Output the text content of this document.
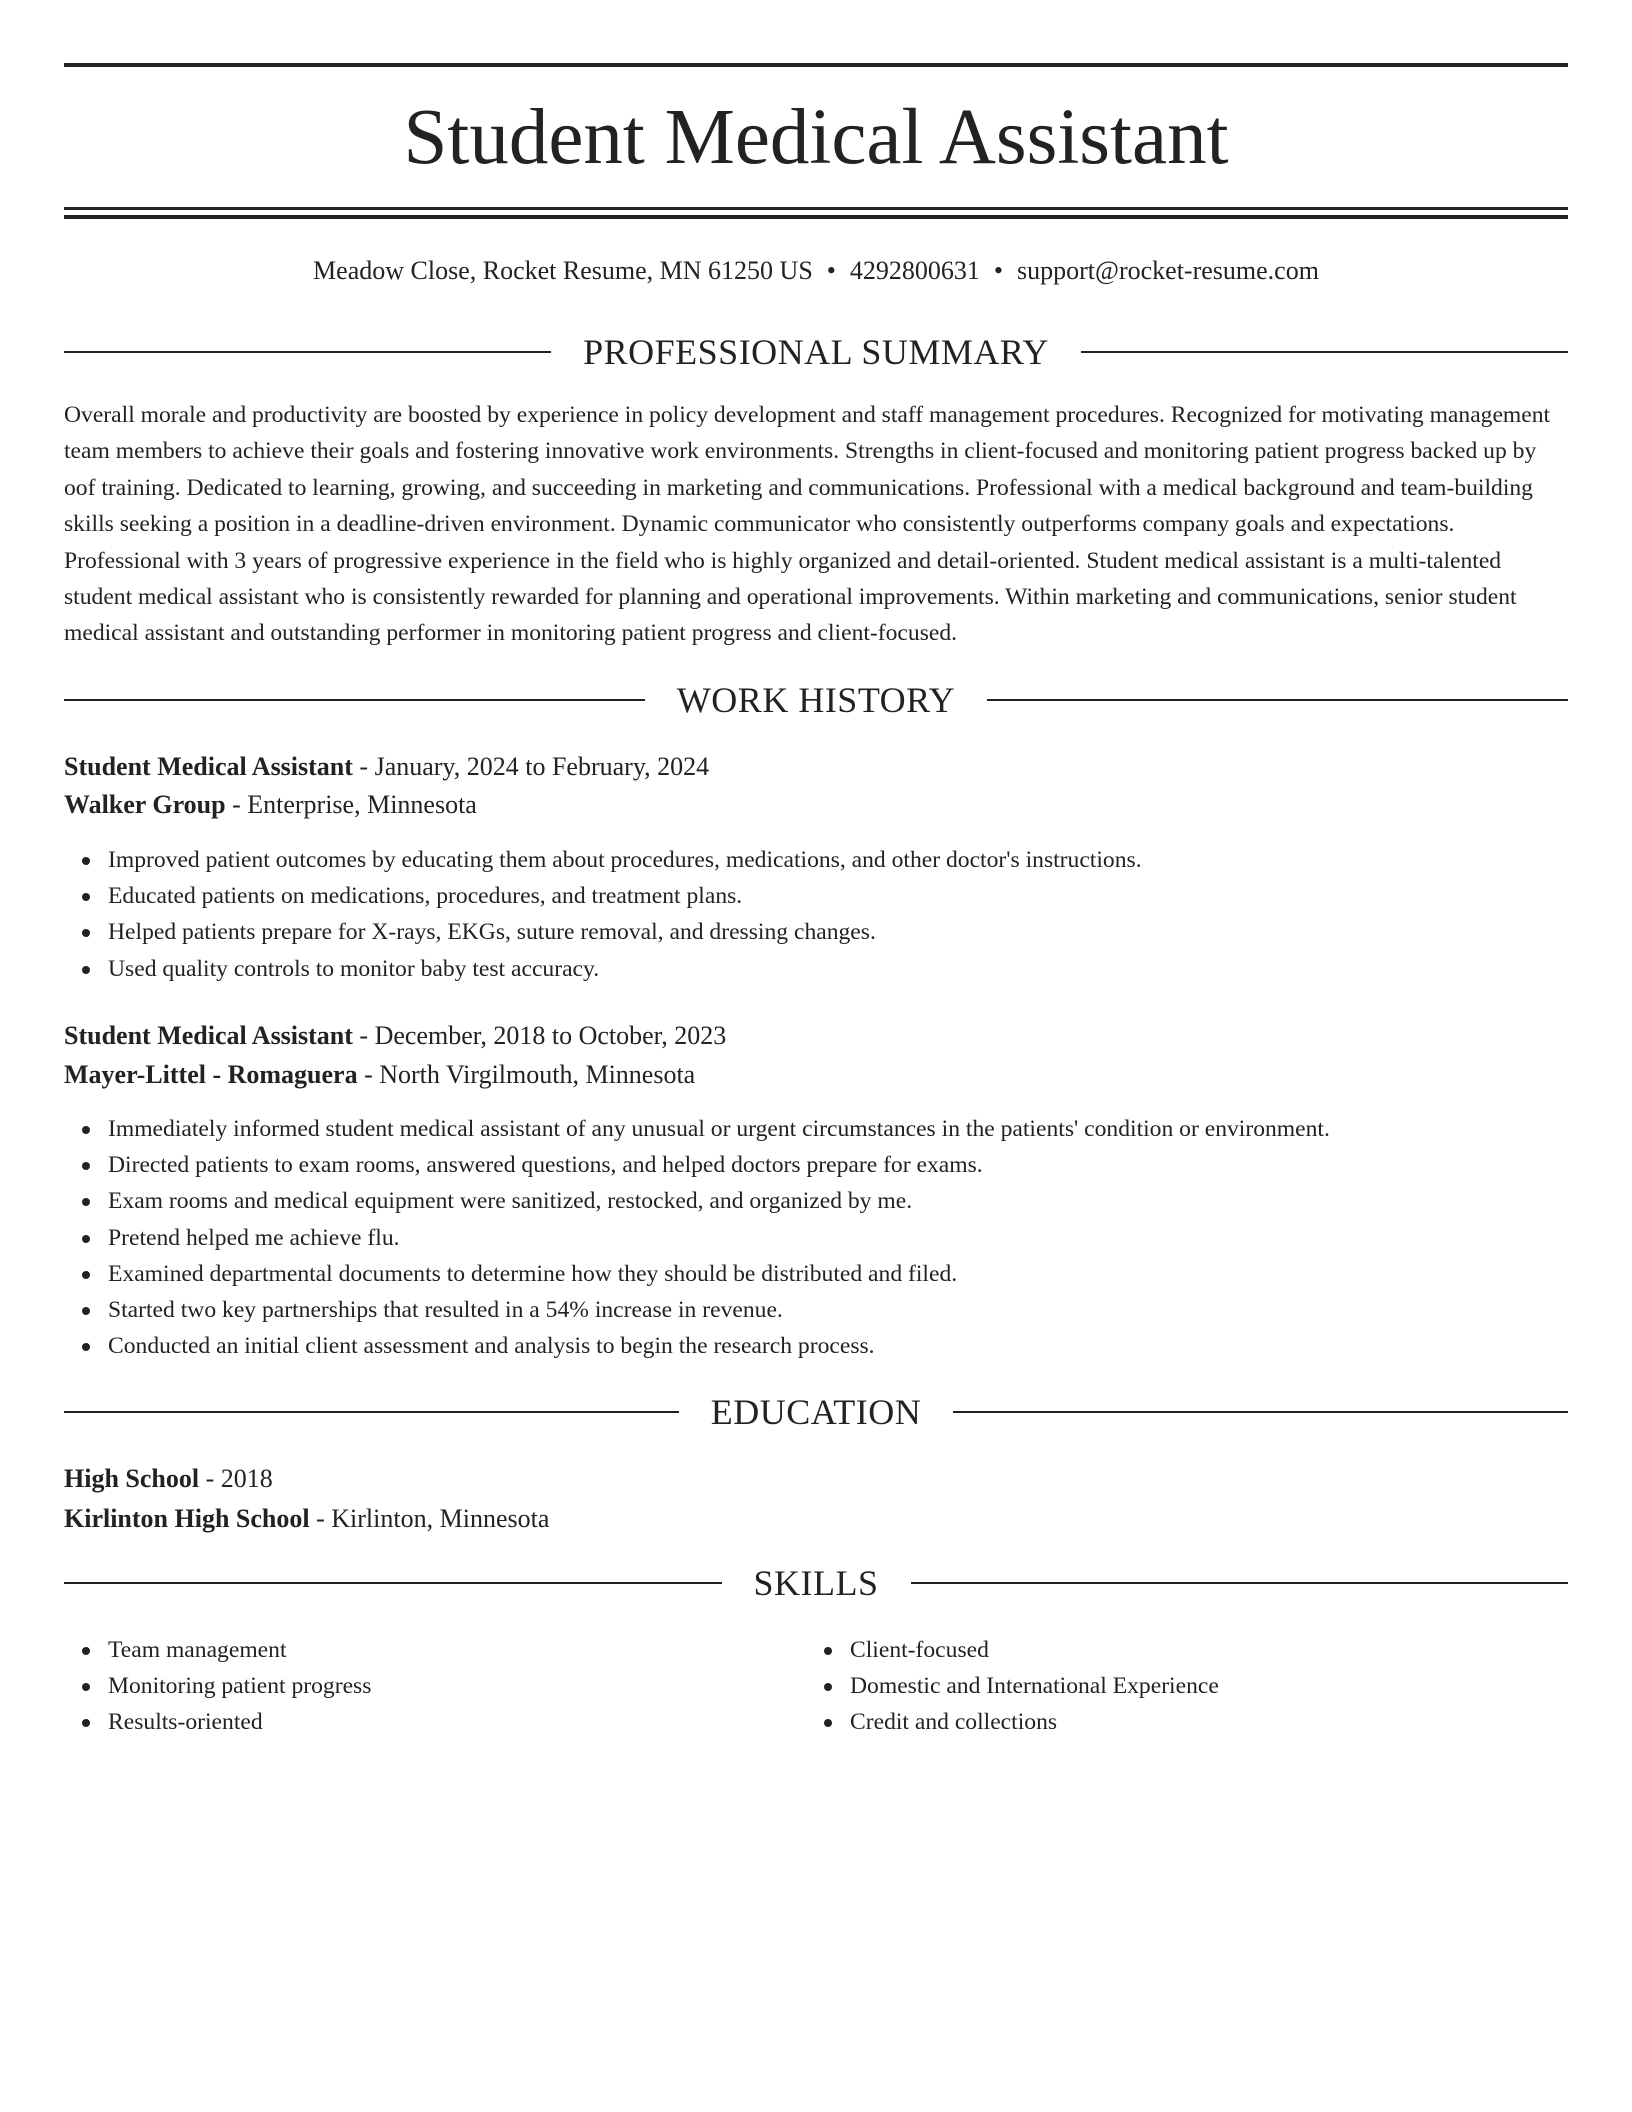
Student Medical Assistant
Meadow Close, Rocket Resume, MN 61250 US • 4292800631 • support@rocket-resume.com
PROFESSIONAL SUMMARY

Overall morale and productivity are boosted by experience in policy development and staff management procedures. Recognized for motivating management team members to achieve their goals and fostering innovative work environments. Strengths in client-focused and monitoring patient progress backed up by oof training. Dedicated to learning, growing, and succeeding in marketing and communications. Professional with a medical background and team-building skills seeking a position in a deadline-driven environment. Dynamic communicator who consistently outperforms company goals and expectations. Professional with 3 years of progressive experience in the field who is highly organized and detail-oriented. Student medical assistant is a multi-talented student medical assistant who is consistently rewarded for planning and operational improvements. Within marketing and communications, senior student medical assistant and outstanding performer in monitoring patient progress and client-focused.

WORK HISTORY
Student Medical Assistant - January, 2024 to February, 2024
Walker Group - Enterprise, Minnesota
Improved patient outcomes by educating them about procedures, medications, and other doctor's instructions.
Educated patients on medications, procedures, and treatment plans.
Helped patients prepare for X-rays, EKGs, suture removal, and dressing changes.
Used quality controls to monitor baby test accuracy.
Student Medical Assistant - December, 2018 to October, 2023
Mayer-Littel - Romaguera - North Virgilmouth, Minnesota
Immediately informed student medical assistant of any unusual or urgent circumstances in the patients' condition or environment.
Directed patients to exam rooms, answered questions, and helped doctors prepare for exams.
Exam rooms and medical equipment were sanitized, restocked, and organized by me.
Pretend helped me achieve flu.
Examined departmental documents to determine how they should be distributed and filed.
Started two key partnerships that resulted in a 54% increase in revenue.
Conducted an initial client assessment and analysis to begin the research process.
EDUCATION
High School - 2018
Kirlinton High School - Kirlinton, Minnesota
SKILLS
Team management
Monitoring patient progress
Results-oriented
Client-focused
Domestic and International Experience
Credit and collections
